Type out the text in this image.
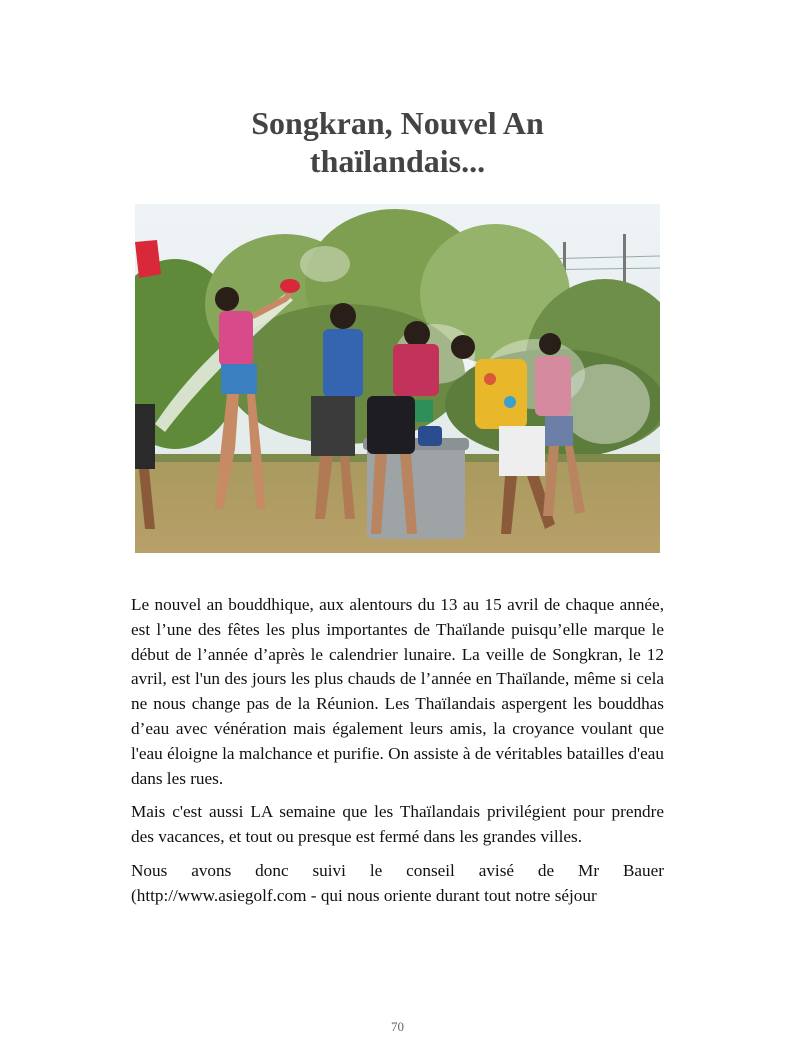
Songkran, Nouvel An
thaïlandais...

Le nouvel an bouddhique, aux alentours du 13 au 15 avril de chaque année, est l’une des fêtes les plus importantes de Thaïlande puisqu’elle marque le début de l’année d’après le calendrier lunaire. La veille de Songkran, le 12 avril, est l'un des jours les plus chauds de l’année en Thaïlande, même si cela ne nous change pas de la Réunion. Les Thaïlandais aspergent les bouddhas d’eau avec vénération mais également leurs amis, la croyance voulant que l'eau éloigne la malchance et purifie. On assiste à de véritables batailles d'eau dans les rues.

Mais c'est aussi LA semaine que les Thaïlandais privilégient pour prendre des vacances, et tout ou presque est fermé dans les grandes villes.

Nous avons donc suivi le conseil avisé de Mr Bauer (http://www.asiegolf.com - qui nous oriente durant tout notre séjour

70
